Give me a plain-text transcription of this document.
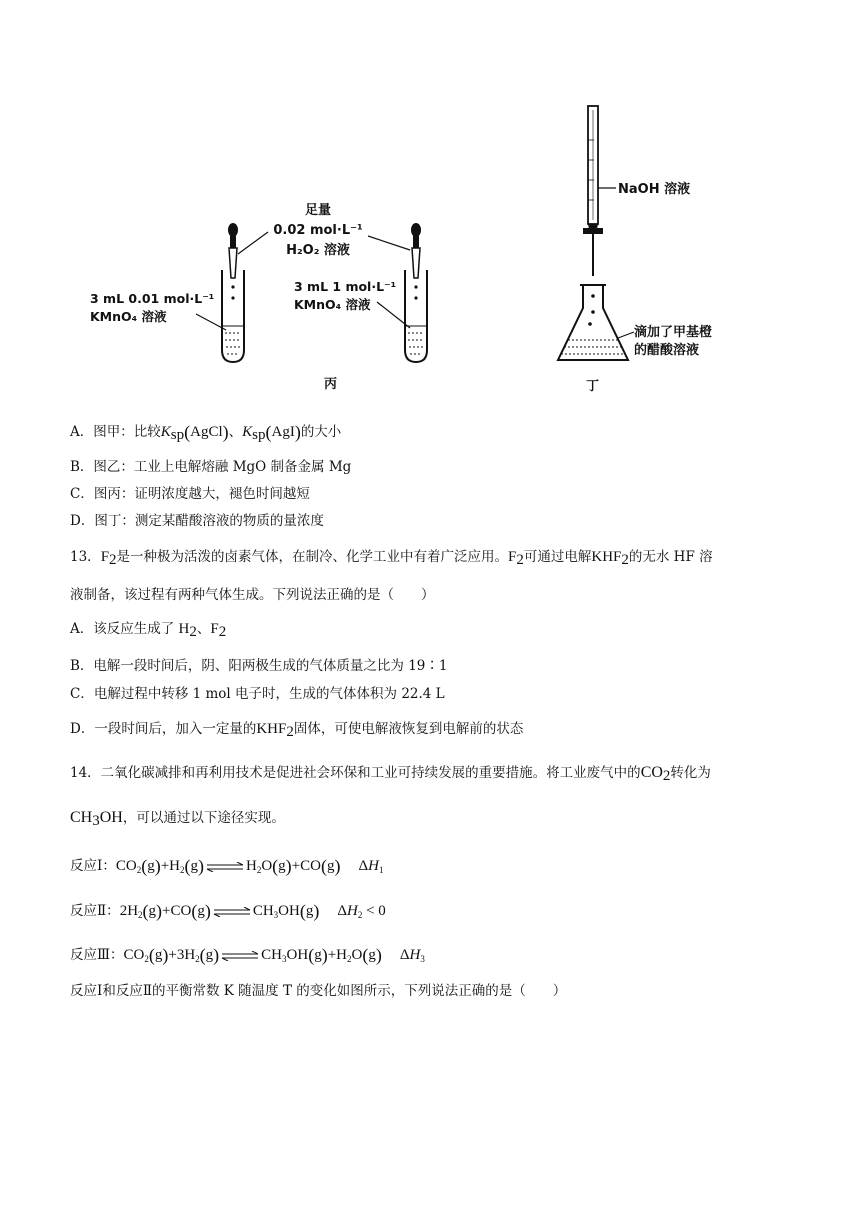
足量
0.02 mol·L⁻¹
H₂O₂ 溶液
3 mL 0.01 mol·L⁻¹
KMnO₄ 溶液
3 mL 1 mol·L⁻¹
KMnO₄ 溶液
丙
NaOH 溶液
滴加了甲基橙
的醋酸溶液
丁
A．图甲：比较$K_{sp}(AgCl)$、$K_{sp}(AgI)$的大小
B．图乙：工业上电解熔融 MgO 制备金属 Mg
C．图丙：证明浓度越大，褪色时间越短
D．图丁：测定某醋酸溶液的物质的量浓度
13．$F_2$是一种极为活泼的卤素气体，在制冷、化学工业中有着广泛应用。$F_2$可通过电解$KHF_2$的无水 HF 溶
液制备，该过程有两种气体生成。下列说法正确的是（　　）
A．该反应生成了 $H_2$、$F_2$
B．电解一段时间后，阴、阳两极生成的气体质量之比为 19∶1
C．电解过程中转移 1 mol 电子时，生成的气体体积为 22.4 L
D．一段时间后，加入一定量的$KHF_2$固体，可使电解液恢复到电解前的状态
14．二氧化碳减排和再利用技术是促进社会环保和工业可持续发展的重要措施。将工业废气中的$CO_2$转化为
$CH_3OH$，可以通过以下途径实现。
反应Ⅰ：$CO_2(g)+H_2(g)$ ⇌ $H_2O(g)+CO(g)$ $\Delta H_1$
反应Ⅱ：$2H_2(g)+CO(g)$ ⇌ $CH_3OH(g) \Delta H_2 < 0$
反应Ⅲ：$CO_2(g)+3H_2(g)$ ⇌ $CH_3OH(g)+H_2O(g)$ $\Delta H_3$
反应Ⅰ和反应Ⅱ的平衡常数 K 随温度 T 的变化如图所示，下列说法正确的是（　　）
